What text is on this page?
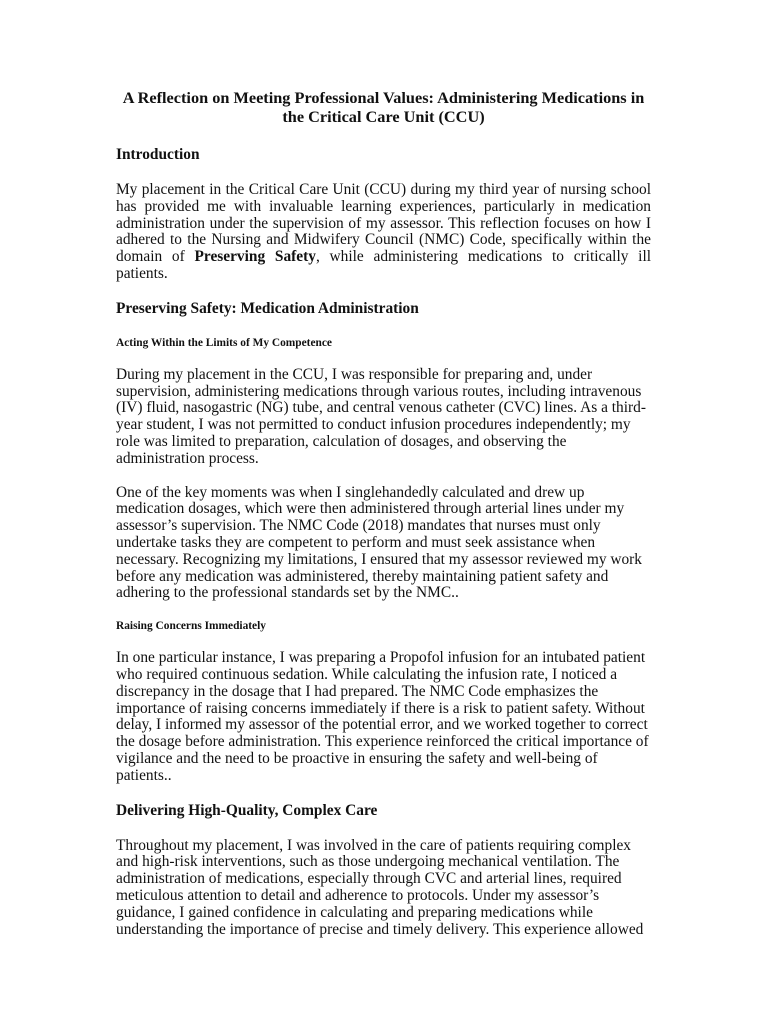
A Reflection on Meeting Professional Values: Administering Medications in the Critical Care Unit (CCU)
Introduction
My placement in the Critical Care Unit (CCU) during my third year of nursing school has provided me with invaluable learning experiences, particularly in medication administration under the supervision of my assessor. This reflection focuses on how I adhered to the Nursing and Midwifery Council (NMC) Code, specifically within the domain of Preserving Safety, while administering medications to critically ill patients.
Preserving Safety: Medication Administration
Acting Within the Limits of My Competence
During my placement in the CCU, I was responsible for preparing and, under supervision, administering medications through various routes, including intravenous (IV) fluid, nasogastric (NG) tube, and central venous catheter (CVC) lines. As a third-year student, I was not permitted to conduct infusion procedures independently; my role was limited to preparation, calculation of dosages, and observing the administration process.
One of the key moments was when I singlehandedly calculated and drew up medication dosages, which were then administered through arterial lines under my assessor’s supervision. The NMC Code (2018) mandates that nurses must only undertake tasks they are competent to perform and must seek assistance when necessary. Recognizing my limitations, I ensured that my assessor reviewed my work before any medication was administered, thereby maintaining patient safety and adhering to the professional standards set by the NMC..
Raising Concerns Immediately
In one particular instance, I was preparing a Propofol infusion for an intubated patient who required continuous sedation. While calculating the infusion rate, I noticed a discrepancy in the dosage that I had prepared. The NMC Code emphasizes the importance of raising concerns immediately if there is a risk to patient safety. Without delay, I informed my assessor of the potential error, and we worked together to correct the dosage before administration. This experience reinforced the critical importance of vigilance and the need to be proactive in ensuring the safety and well-being of patients..
Delivering High-Quality, Complex Care
Throughout my placement, I was involved in the care of patients requiring complex and high-risk interventions, such as those undergoing mechanical ventilation. The administration of medications, especially through CVC and arterial lines, required meticulous attention to detail and adherence to protocols. Under my assessor’s guidance, I gained confidence in calculating and preparing medications while understanding the importance of precise and timely delivery. This experience allowed
